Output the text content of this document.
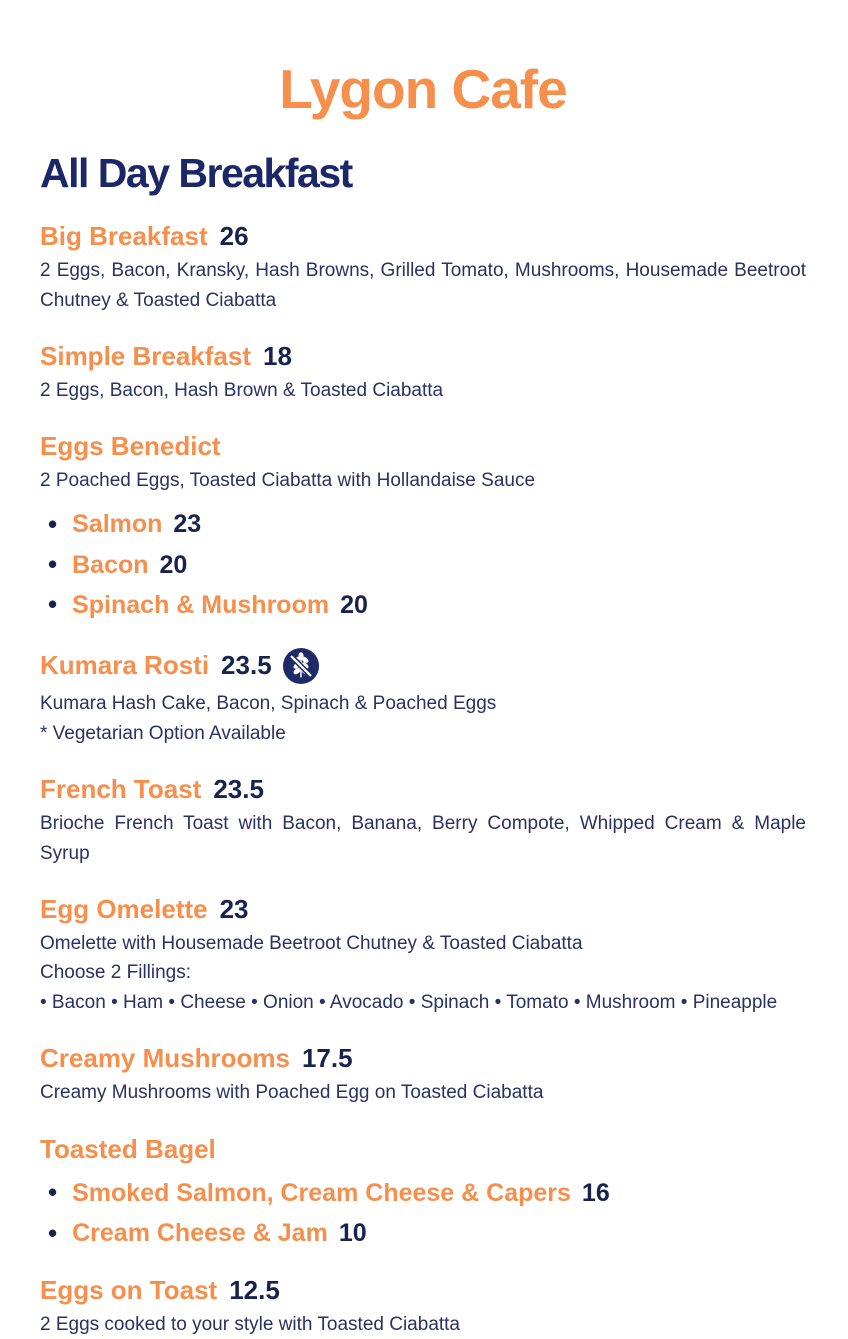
Lygon Cafe
All Day Breakfast
Big Breakfast 26
2 Eggs, Bacon, Kransky, Hash Browns, Grilled Tomato, Mushrooms, Housemade Beetroot Chutney & Toasted Ciabatta
Simple Breakfast 18
2 Eggs, Bacon, Hash Brown & Toasted Ciabatta
Eggs Benedict
2 Poached Eggs, Toasted Ciabatta with Hollandaise Sauce
• Salmon 23
• Bacon 20
• Spinach & Mushroom 20
Kumara Rosti 23.5
Kumara Hash Cake, Bacon, Spinach & Poached Eggs
* Vegetarian Option Available
French Toast 23.5
Brioche French Toast with Bacon, Banana, Berry Compote, Whipped Cream & Maple Syrup
Egg Omelette 23
Omelette with Housemade Beetroot Chutney & Toasted Ciabatta
Choose 2 Fillings:
• Bacon • Ham • Cheese • Onion • Avocado • Spinach • Tomato • Mushroom • Pineapple
Creamy Mushrooms 17.5
Creamy Mushrooms with Poached Egg on Toasted Ciabatta
Toasted Bagel
• Smoked Salmon, Cream Cheese & Capers 16
• Cream Cheese & Jam 10
Eggs on Toast 12.5
2 Eggs cooked to your style with Toasted Ciabatta
